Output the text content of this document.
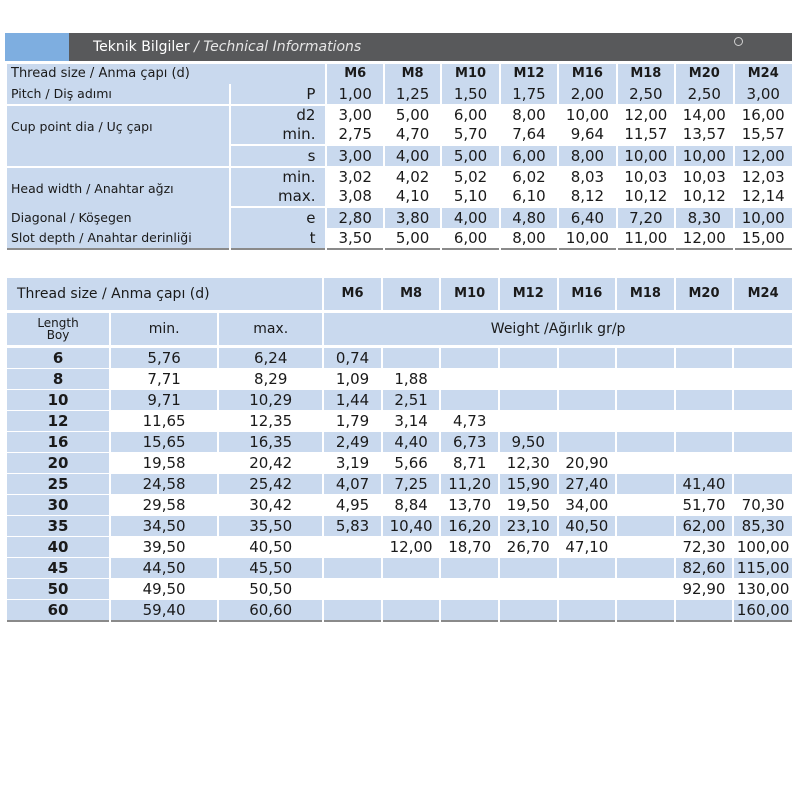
Teknik Bilgiler / Technical Informations
Thread size / Anma çapı (d)		M6	M8	M10	M12	M16	M18	M20	M24
Pitch / Diş adımı	P	1,00	1,25	1,50	1,75	2,00	2,50	2,50	3,00
Cup point dia / Uç çapı	d2	3,00	5,00	6,00	8,00	10,00	12,00	14,00	16,00
	min.	2,75	4,70	5,70	7,64	9,64	11,57	13,57	15,57
	s	3,00	4,00	5,00	6,00	8,00	10,00	10,00	12,00
Head width / Anahtar ağzı	min.	3,02	4,02	5,02	6,02	8,03	10,03	10,03	12,03
	max.	3,08	4,10	5,10	6,10	8,12	10,12	10,12	12,14
Diagonal / Köşegen	e	2,80	3,80	4,00	4,80	6,40	7,20	8,30	10,00
Slot depth / Anahtar derinliği	t	3,50	5,00	6,00	8,00	10,00	11,00	12,00	15,00
Thread size / Anma çapı (d)			M6	M8	M10	M12	M16	M18	M20	M24

Length
Boy	min.	max.	Weight /Ağırlık gr/p							
6	5,76	6,24	0,74							
8	7,71	8,29	1,09	1,88						
10	9,71	10,29	1,44	2,51						
12	11,65	12,35	1,79	3,14	4,73					
16	15,65	16,35	2,49	4,40	6,73	9,50				
20	19,58	20,42	3,19	5,66	8,71	12,30	20,90			
25	24,58	25,42	4,07	7,25	11,20	15,90	27,40		41,40	
30	29,58	30,42	4,95	8,84	13,70	19,50	34,00		51,70	70,30
35	34,50	35,50	5,83	10,40	16,20	23,10	40,50		62,00	85,30
40	39,50	40,50		12,00	18,70	26,70	47,10		72,30	100,00
45	44,50	45,50							82,60	115,00
50	49,50	50,50							92,90	130,00
60	59,40	60,60								160,00
